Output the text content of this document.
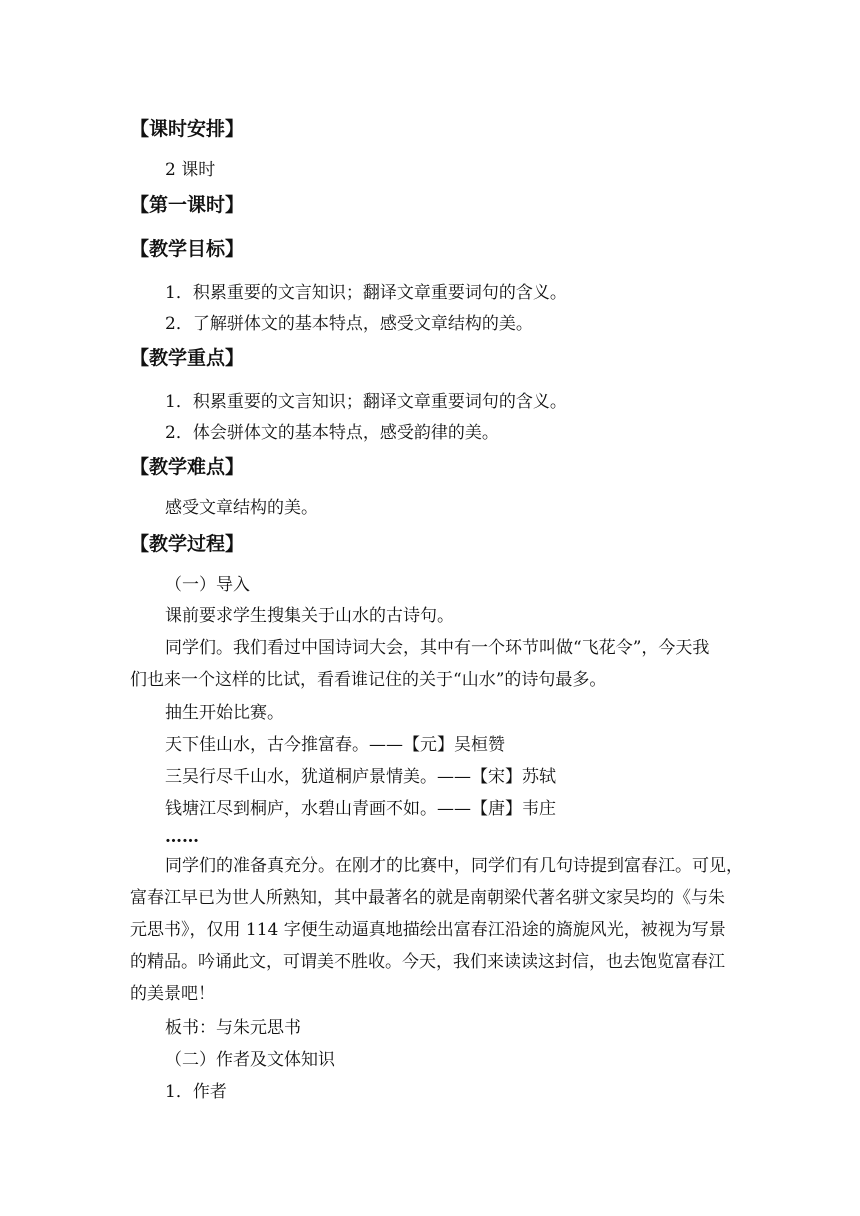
【课时安排】
2 课时
【第一课时】
【教学目标】
1．积累重要的文言知识；翻译文章重要词句的含义。
2．了解骈体文的基本特点，感受文章结构的美。
【教学重点】
1．积累重要的文言知识；翻译文章重要词句的含义。
2．体会骈体文的基本特点，感受韵律的美。
【教学难点】
感受文章结构的美。
【教学过程】
（一）导入
课前要求学生搜集关于山水的古诗句。
同学们。我们看过中国诗词大会，其中有一个环节叫做“飞花令”，今天我
们也来一个这样的比试，看看谁记住的关于“山水”的诗句最多。
抽生开始比赛。
天下佳山水，古今推富春。——【元】吴桓赞
三吴行尽千山水，犹道桐庐景情美。——【宋】苏轼
钱塘江尽到桐庐，水碧山青画不如。——【唐】韦庄
……
同学们的准备真充分。在刚才的比赛中，同学们有几句诗提到富春江。可见，
富春江早已为世人所熟知，其中最著名的就是南朝梁代著名骈文家吴均的《与朱
元思书》，仅用 114 字便生动逼真地描绘出富春江沿途的旖旎风光，被视为写景
的精品。吟诵此文，可谓美不胜收。今天，我们来读读这封信，也去饱览富春江
的美景吧！
板书：与朱元思书
（二）作者及文体知识
1．作者
